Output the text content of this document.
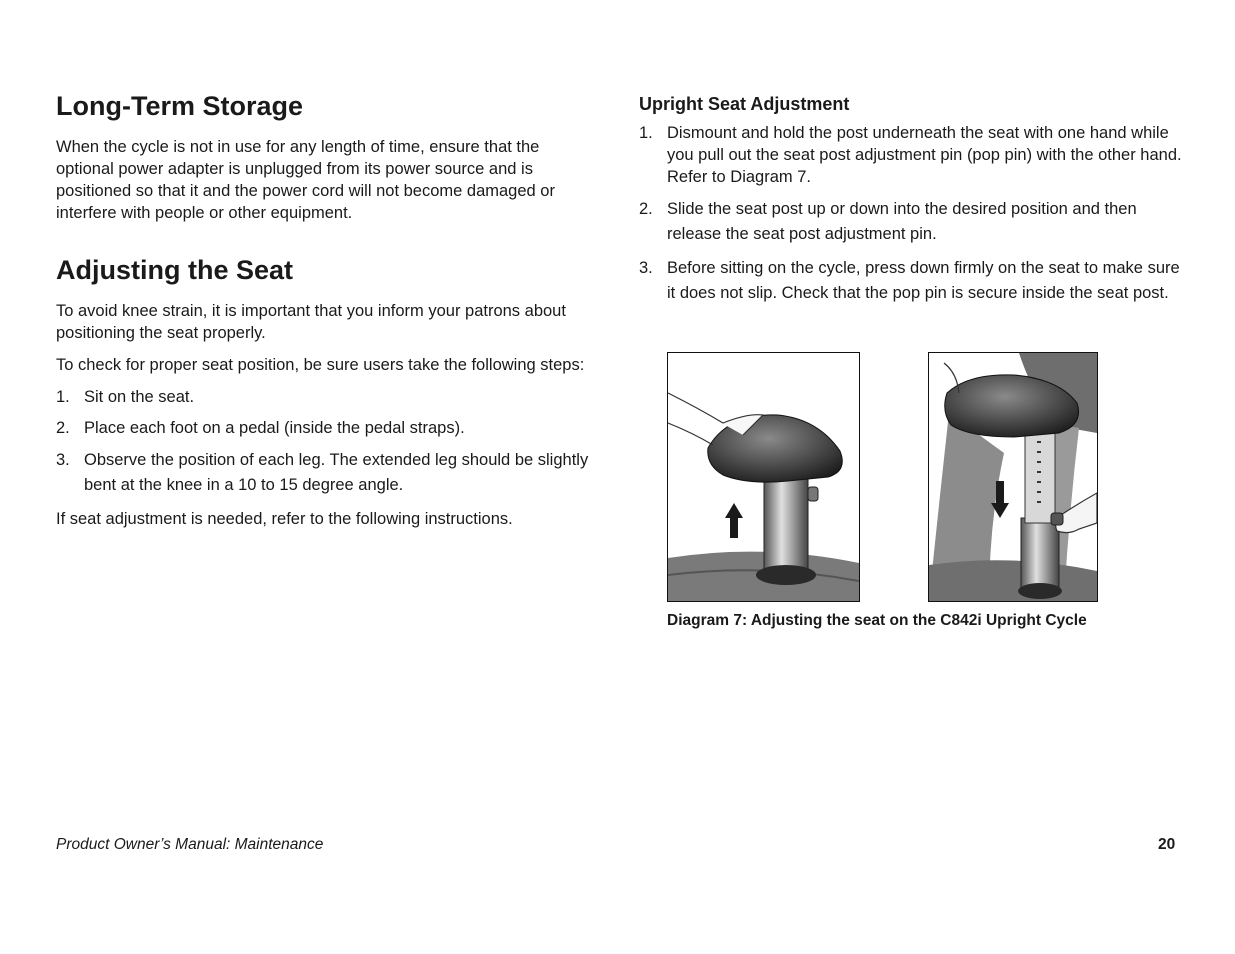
Long-Term Storage

When the cycle is not in use for any length of time, ensure that the optional power adapter is unplugged from its power source and is positioned so that it and the power cord will not become damaged or interfere with people or other equipment.

Adjusting the Seat

To avoid knee strain, it is important that you inform your patrons about positioning the seat properly.

To check for proper seat position, be sure users take the following steps:

1. Sit on the seat.
2. Place each foot on a pedal (inside the pedal straps).
3. Observe the position of each leg. The extended leg should be slightly bent at the knee in a 10 to 15 degree angle.

If seat adjustment is needed, refer to the following instructions.

Upright Seat Adjustment
1. Dismount and hold the post underneath the seat with one hand while you pull out the seat post adjustment pin (pop pin) with the other hand. Refer to Diagram 7.
2. Slide the seat post up or down into the desired position and then release the seat post adjustment pin.
3. Before sitting on the cycle, press down firmly on the seat to make sure it does not slip. Check that the pop pin is secure inside the seat post.
Diagram 7: Adjusting the seat on the C842i Upright Cycle
Product Owner’s Manual: Maintenance	20
